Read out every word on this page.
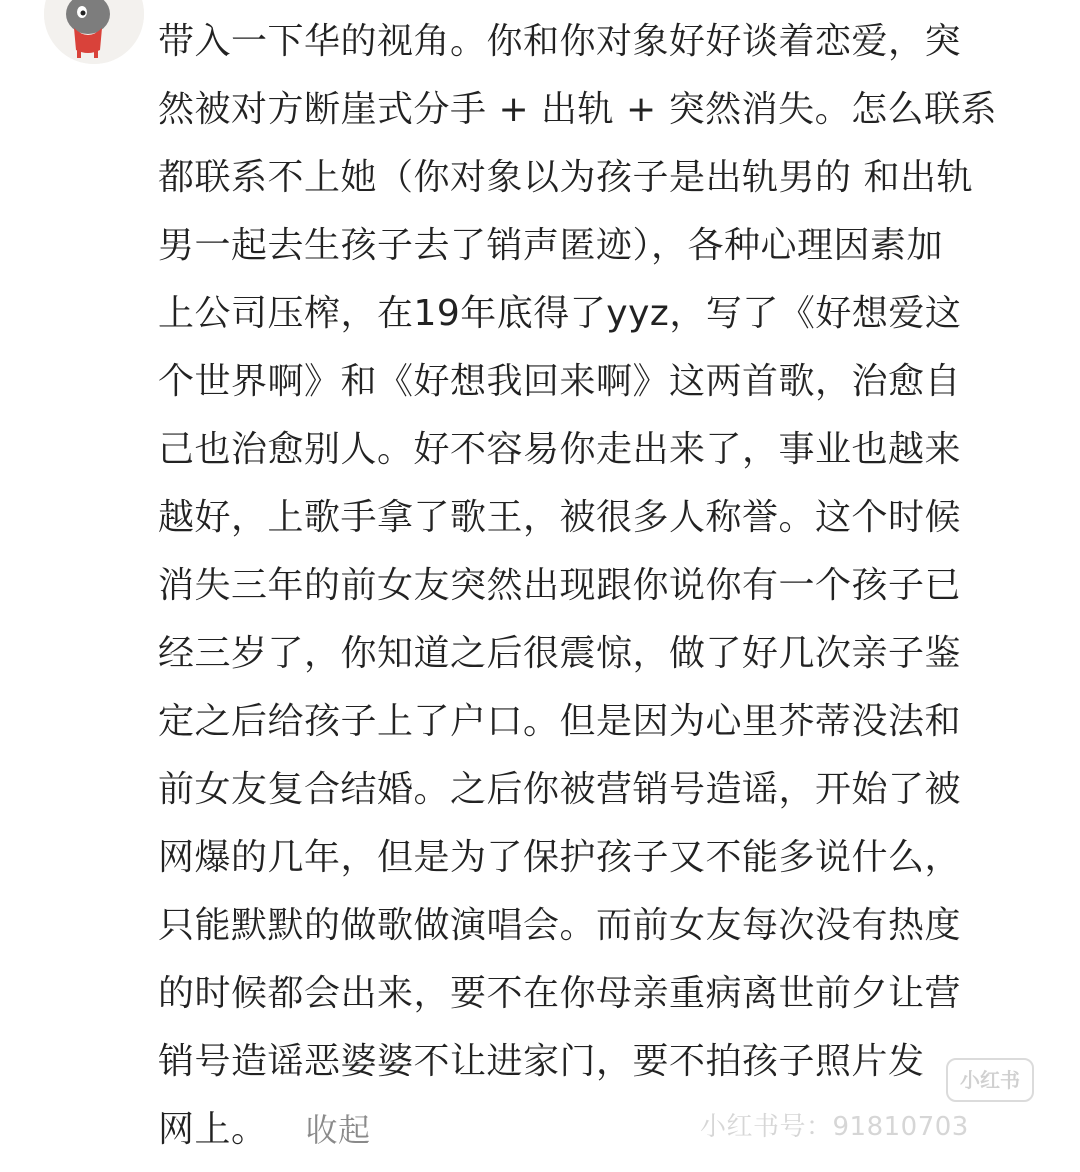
带入一下华的视角。你和你对象好好谈着恋爱，突
然被对方断崖式分手 + 出轨 + 突然消失。怎么联系
都联系不上她（你对象以为孩子是出轨男的 和出轨
男一起去生孩子去了销声匿迹），各种心理因素加
上公司压榨，在19年底得了yyz，写了《好想爱这
个世界啊》和《好想我回来啊》这两首歌，治愈自
己也治愈别人。好不容易你走出来了，事业也越来
越好，上歌手拿了歌王，被很多人称誉。这个时候
消失三年的前女友突然出现跟你说你有一个孩子已
经三岁了，你知道之后很震惊，做了好几次亲子鉴
定之后给孩子上了户口。但是因为心里芥蒂没法和
前女友复合结婚。之后你被营销号造谣，开始了被
网爆的几年，但是为了保护孩子又不能多说什么，
只能默默的做歌做演唱会。而前女友每次没有热度
的时候都会出来，要不在你母亲重病离世前夕让营
销号造谣恶婆婆不让进家门，要不拍孩子照片发
网上。 收起
小红书
小红书号：91810703
